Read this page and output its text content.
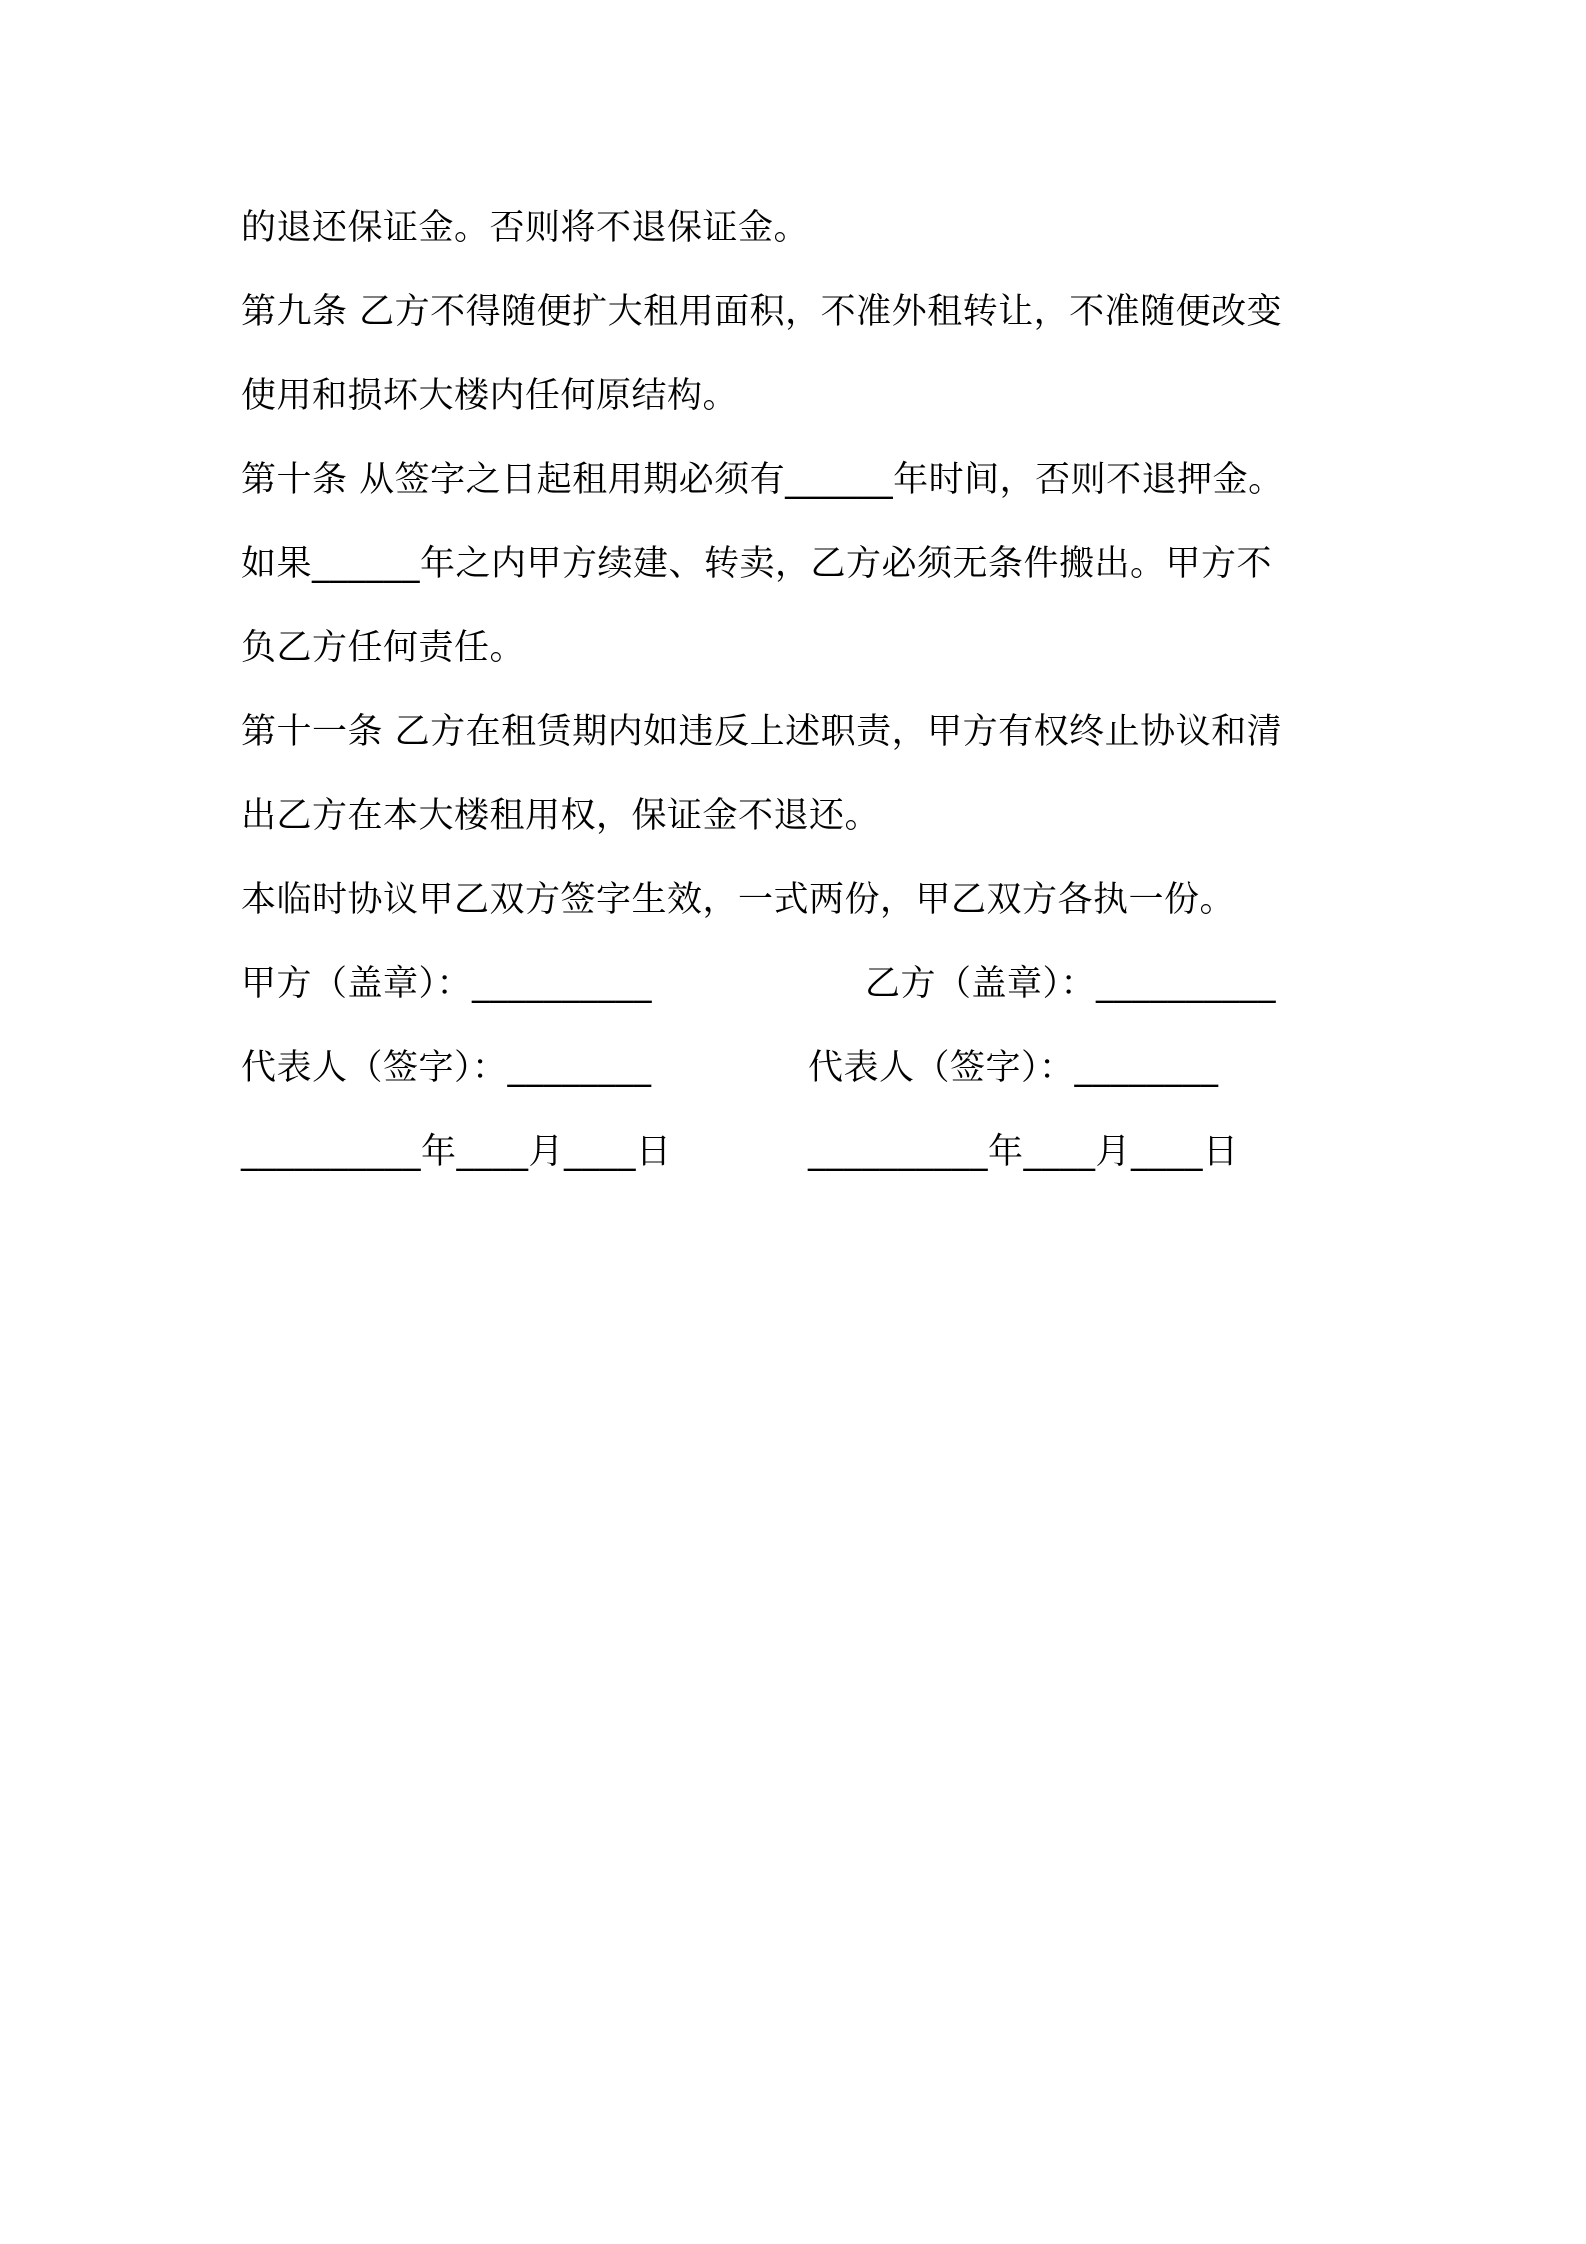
的退还保证金。否则将不退保证金。
第九条 乙方不得随便扩大租用面积，不准外租转让，不准随便改变
使用和损坏大楼内任何原结构。
第十条 从签字之日起租用期必须有______年时间，否则不退押金。
如果______年之内甲方续建、转卖，乙方必须无条件搬出。甲方不
负乙方任何责任。
第十一条 乙方在租赁期内如违反上述职责，甲方有权终止协议和清
出乙方在本大楼租用权，保证金不退还。
本临时协议甲乙双方签字生效，一式两份，甲乙双方各执一份。
甲方（盖章）：__________	乙方（盖章）：__________
代表人（签字）：________	代表人（签字）：________
__________年____月____日	__________年____月____日
